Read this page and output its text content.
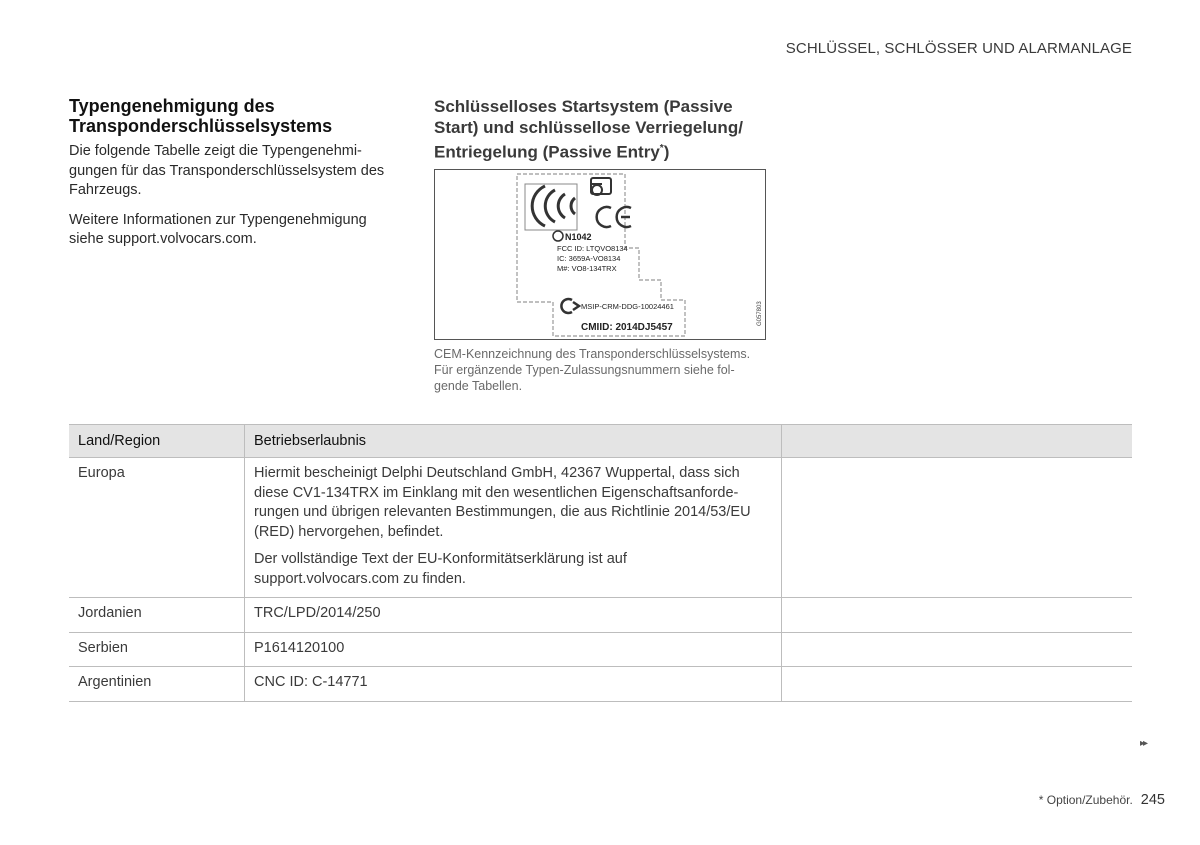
SCHLÜSSEL, SCHLÖSSER UND ALARMANLAGE
Typengenehmigung des Transponderschlüsselsystems

Die folgende Tabelle zeigt die Typengenehmi-gungen für das Transponderschlüsselsystem des Fahrzeugs.

Weitere Informationen zur Typengenehmigung siehe support.volvocars.com.

Schlüsselloses Startsystem (Passive Start) und schlüssellose Verriegelung/ Entriegelung (Passive Entry*)
N1042
FCC ID: LTQVO8134
IC: 3659A-VO8134
M#: VO8-134TRX
MSIP-CRM-DDG-10024461
CMIID: 2014DJ5457
G057803
CEM-Kennzeichnung des Transponderschlüsselsystems. Für ergänzende Typen-Zulassungsnummern siehe fol-gende Tabellen.
Land/Region	Betriebserlaubnis	
Europa	Hiermit bescheinigt Delphi Deutschland GmbH, 42367 Wuppertal, dass sich diese CV1-134TRX im Einklang mit den wesentlichen Eigenschaftsanforde-rungen und übrigen relevanten Bestimmungen, die aus Richtlinie 2014/53/EU (RED) hervorgehen, befindet.

Der vollständige Text der EU-Konformitätserklärung ist auf support.volvocars.com zu finden.	

Jordanien	TRC/LPD/2014/250	
Serbien	P1614120100	
Argentinien	CNC ID: C-14771	
▸▸
* Option/Zubehör. 245
